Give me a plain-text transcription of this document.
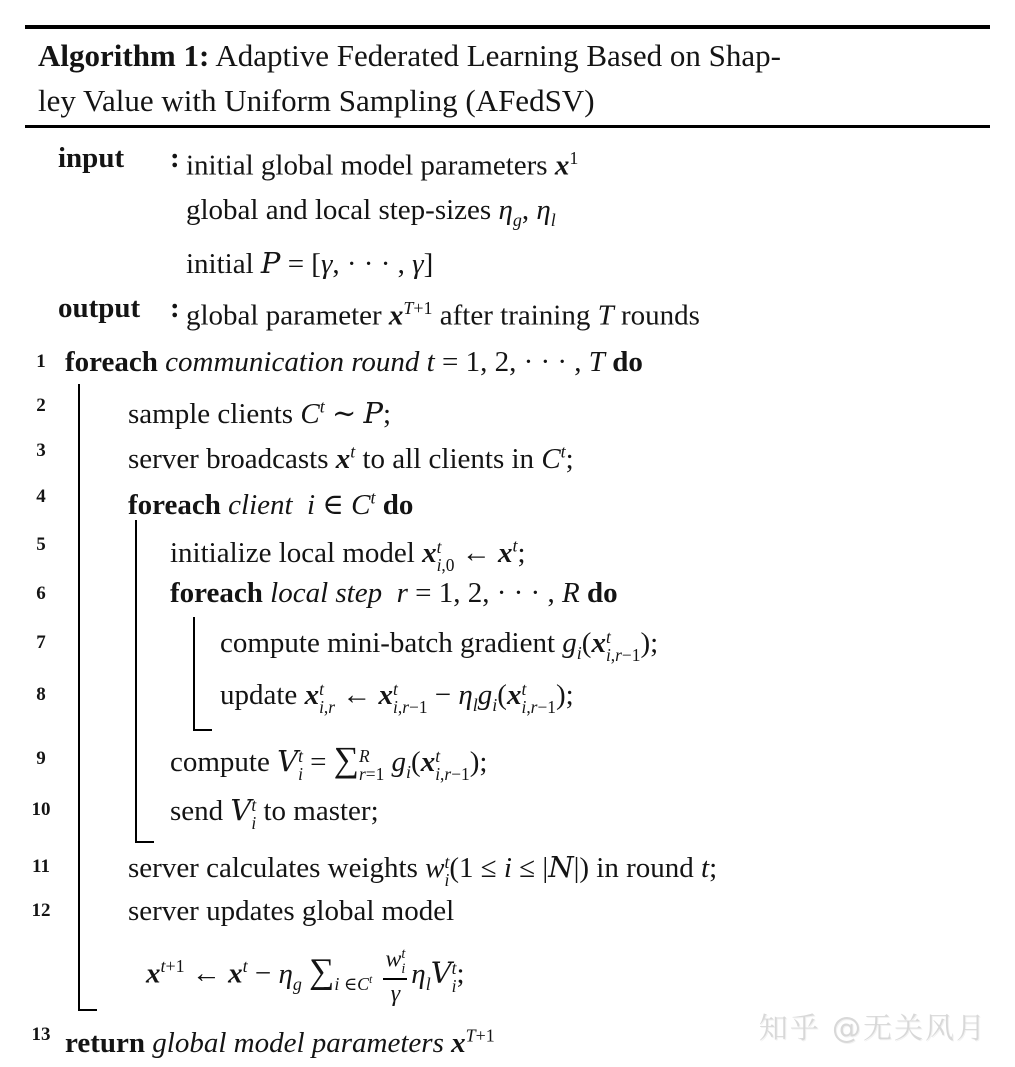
Algorithm 1: Adaptive Federated Learning Based on Shap-
ley Value with Uniform Sampling (AFedSV)
input	: initial global model parameters $x^1$
global and local step-sizes $\eta_g$, $\eta_l$
initial P = [γ, · · · , γ]
output	: global parameter $x^{T+1}$ after training T rounds
1 foreach communication round t = 1, 2, · · · , T do
2	sample clients $C^t$ ∼ P;
3	server broadcasts $x^t$ to all clients in $C^t$;
4	foreach client  i ∈ $C^t$ do
5	initialize local model x t
i,0 ← $x^t$;
6	foreach local step  r = 1, 2, · · · , R do
7	compute mini-batch gradient $g_i(x$ t
i,r−1 );
8	update x t
i,r ← x t
$i,r-1 - \eta_lg_i(x$ t
i,r−1 );
9	compute V t
i = ∑ R
r=1 $g_i(x$ t
i,r−1 );
10	send V t
i to master;
11	server calculates weights w t
i (1 ≤ i ≤ |N|) in round t;
12	server updates global model
$x^{t+1}$ ← $x^t - \eta_g$ $\sum_{i \in C^t}$
w t
i
γ
$\eta_lV$ t
i ;
13 return global model parameters $x^{T+1}$	知乎 @无关风月
